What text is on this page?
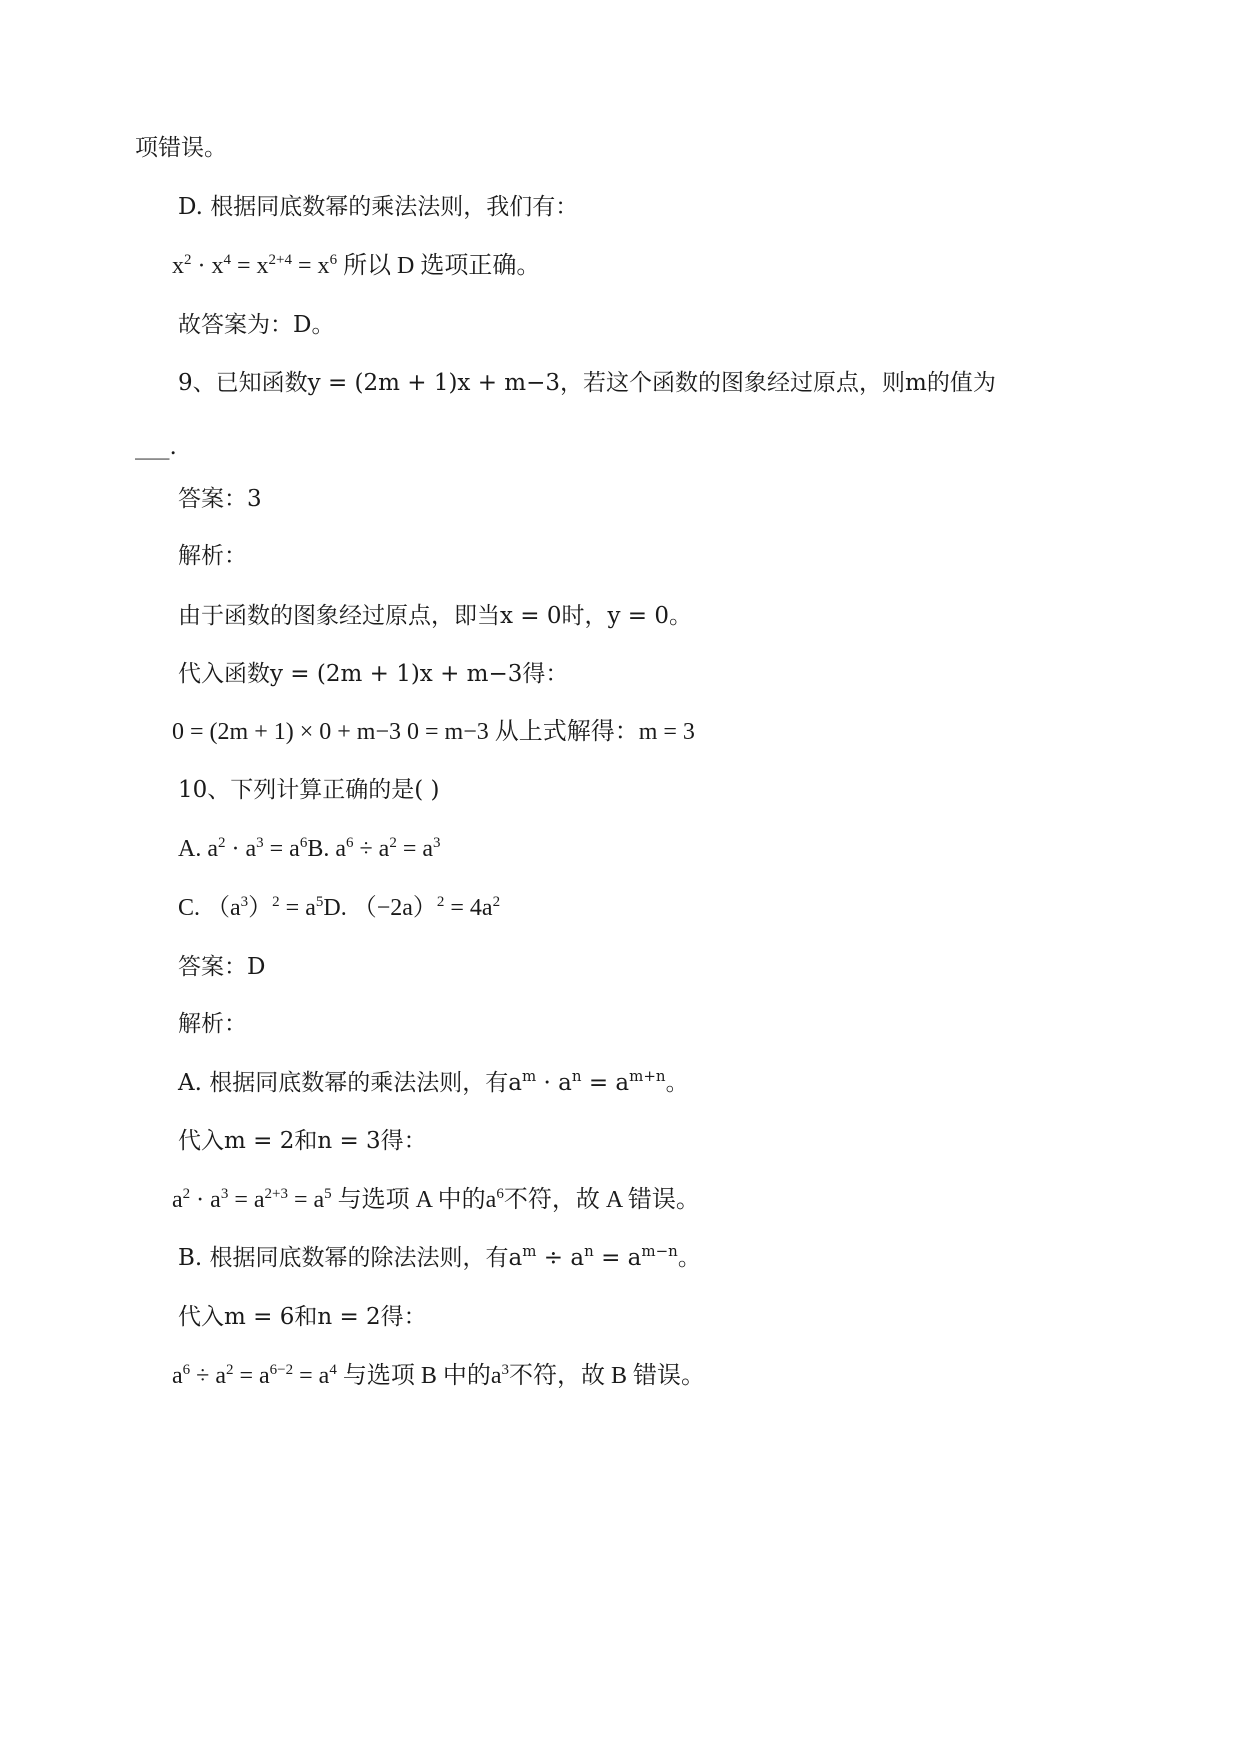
项错误。
D. 根据同底数幂的乘法法则，我们有：
$x^2 \cdot x^4 = x^{2+4} = x^6$ 所以 D 选项正确。
故答案为：D。
9、已知函数y = (2m + 1)x + m−3，若这个函数的图象经过原点，则m的值为
___.
答案：3
解析：
由于函数的图象经过原点，即当x = 0时，y = 0。
代入函数y = (2m + 1)x + m−3得：
0 = (2m + 1) × 0 + m−3 0 = m−3 从上式解得：m = 3
10、下列计算正确的是( )
A. $a^2 \cdot a^3 = a^6B$. $a^6 \div a^2 = a^3$
C. $(a^3)^2 = a^5D$. $(-2a)^2 = 4a^2$
答案：D
解析：
A. 根据同底数幂的乘法法则，有$a^m \cdot a^n = a^{m+n}$。
代入m = 2和n = 3得：
$a^2 \cdot a^3 = a^{2+3} = a^5$ 与选项 A 中的$a^6$不符，故 A 错误。
B. 根据同底数幂的除法法则，有$a^m \div a^n = a^{m-n}$。
代入m = 6和n = 2得：
$a^6 \div a^2 = a^{6-2} = a^4$ 与选项 B 中的$a^3$不符，故 B 错误。
